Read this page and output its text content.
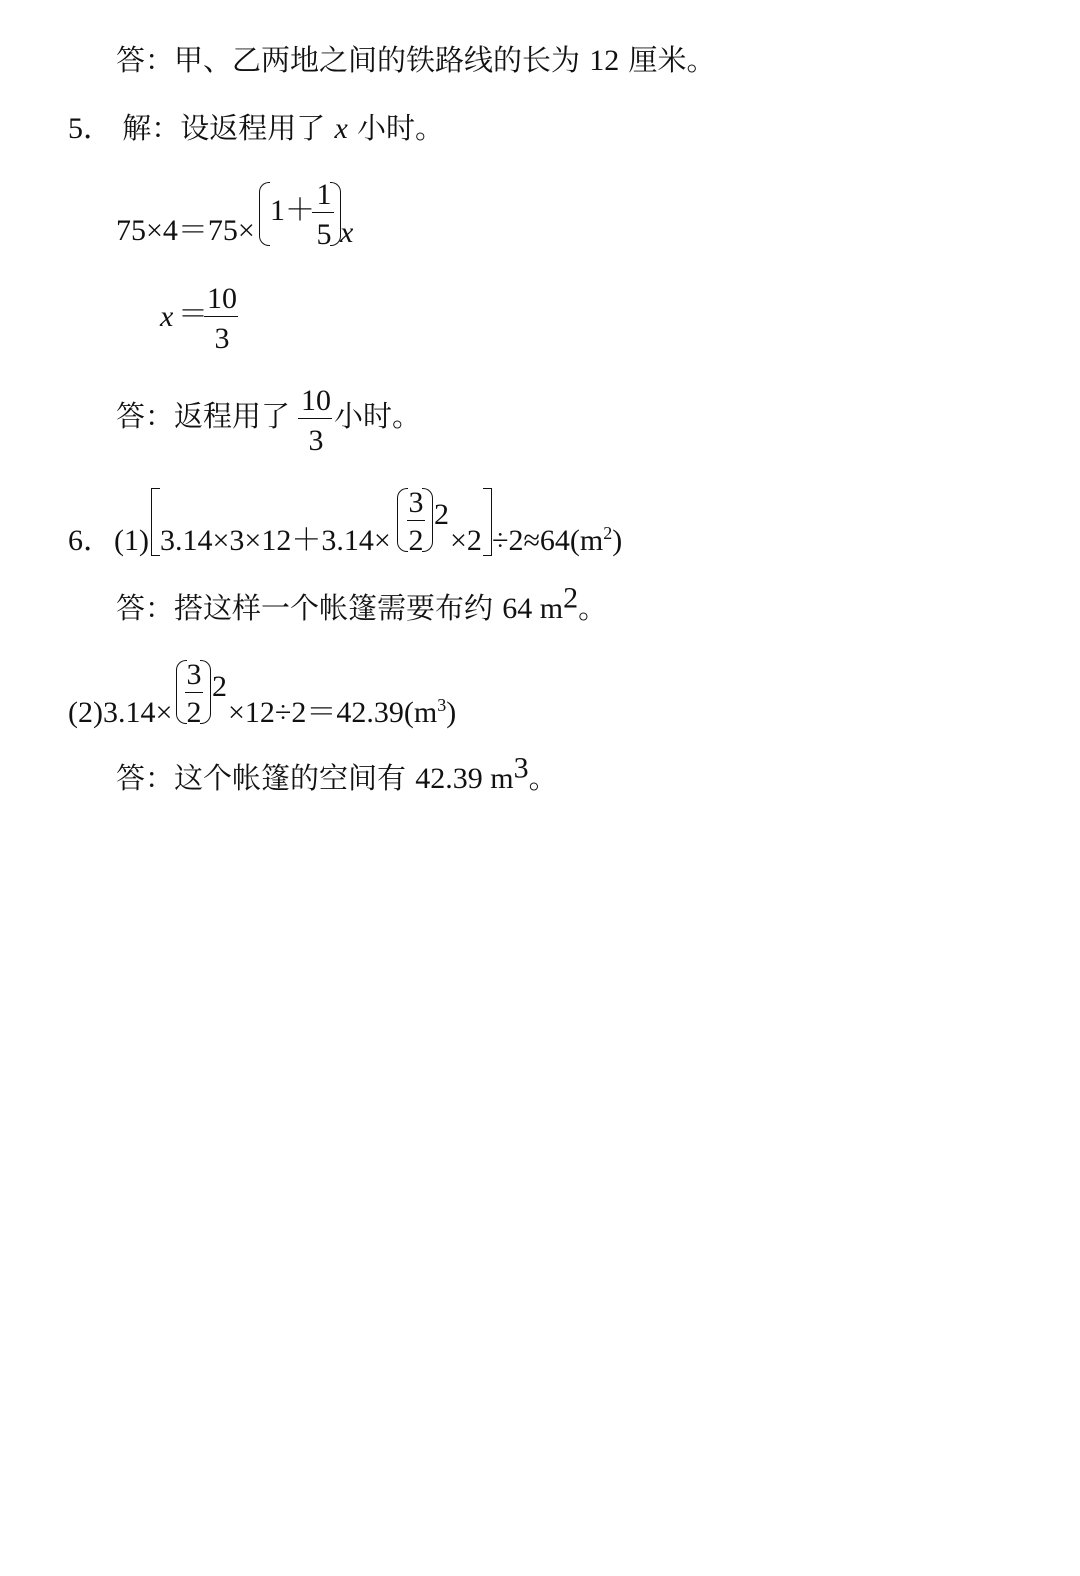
答：甲、乙两地之间的铁路线的长为 12 厘米。
5． 解：设返程用了 x 小时。
75×4＝75×
1＋ 1
5 x
x ＝ 10
3
答：返程用了 10
3
小时。
6． (1) 3.14×3×12＋3.14×
3
2
2
$\times 2 \div 2\approx 64(m^2)$
答：搭这样一个帐篷需要布约 64 $m^2$。
(2)3.14×
3
2
2
$\times 12\div 2=42.39(m^3)$
答：这个帐篷的空间有 42.39 $m^3$。
